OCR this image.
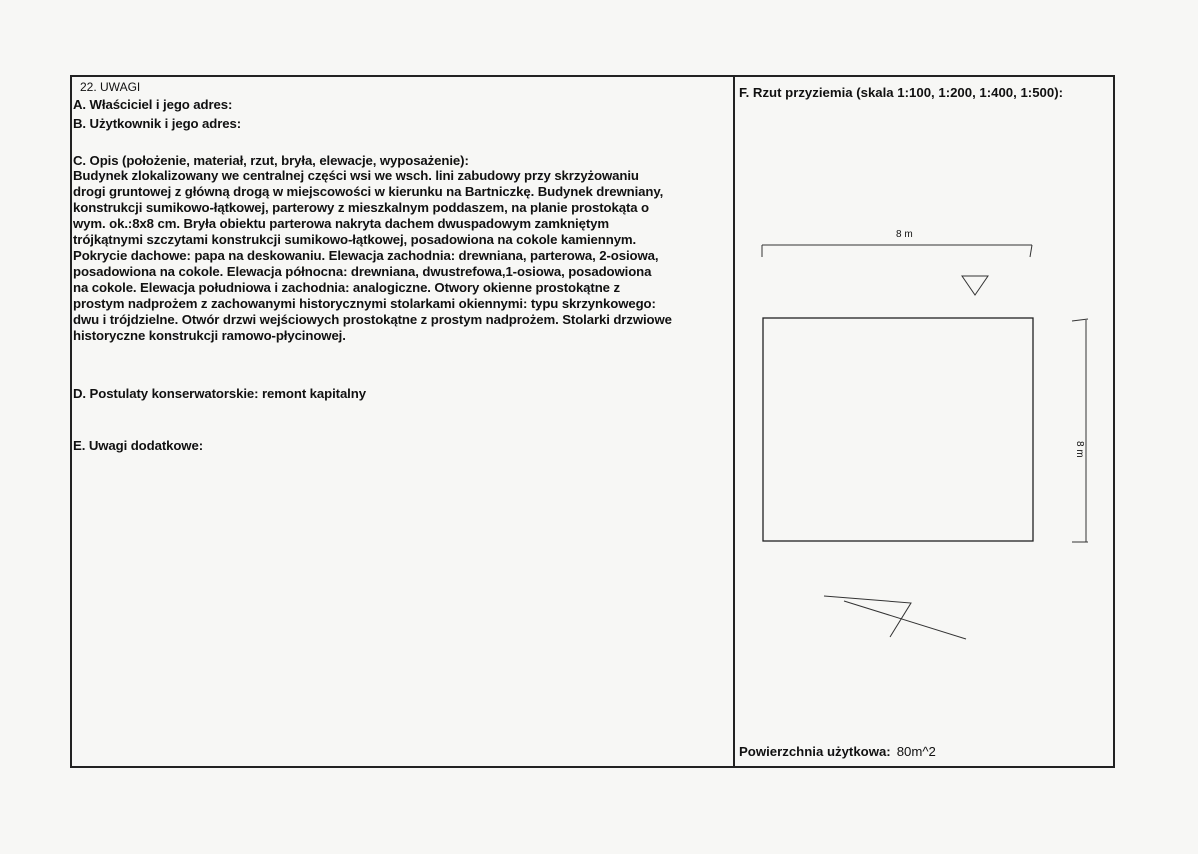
22. UWAGI
A. Właściciel i jego adres:
B. Użytkownik i jego adres:
C. Opis (położenie, materiał, rzut, bryła, elewacje, wyposażenie):
Budynek zlokalizowany we centralnej części wsi we wsch. lini zabudowy przy skrzyżowaniu
drogi gruntowej z główną drogą w miejscowości w kierunku na Bartniczkę. Budynek drewniany,
konstrukcji sumikowo-łątkowej, parterowy z mieszkalnym poddaszem, na planie prostokąta o
wym. ok.:8x8 cm. Bryła obiektu parterowa nakryta dachem dwuspadowym zamkniętym
trójkątnymi szczytami konstrukcji sumikowo-łątkowej, posadowiona na cokole kamiennym.
Pokrycie dachowe: papa na deskowaniu. Elewacja zachodnia: drewniana, parterowa, 2-osiowa,
posadowiona na cokole. Elewacja północna: drewniana, dwustrefowa,1-osiowa, posadowiona
na cokole. Elewacja południowa i zachodnia: analogiczne. Otwory okienne prostokątne z
prostym nadprożem z zachowanymi historycznymi stolarkami okiennymi: typu skrzynkowego:
dwu i trójdzielne. Otwór drzwi wejściowych prostokątne z prostym nadprożem. Stolarki drzwiowe
historyczne konstrukcji ramowo-płycinowej.
D. Postulaty konserwatorskie: remont kapitalny
E. Uwagi dodatkowe:
F. Rzut przyziemia (skala 1:100, 1:200, 1:400, 1:500):
8 m
8 m
Powierzchnia użytkowa: 80m^2
